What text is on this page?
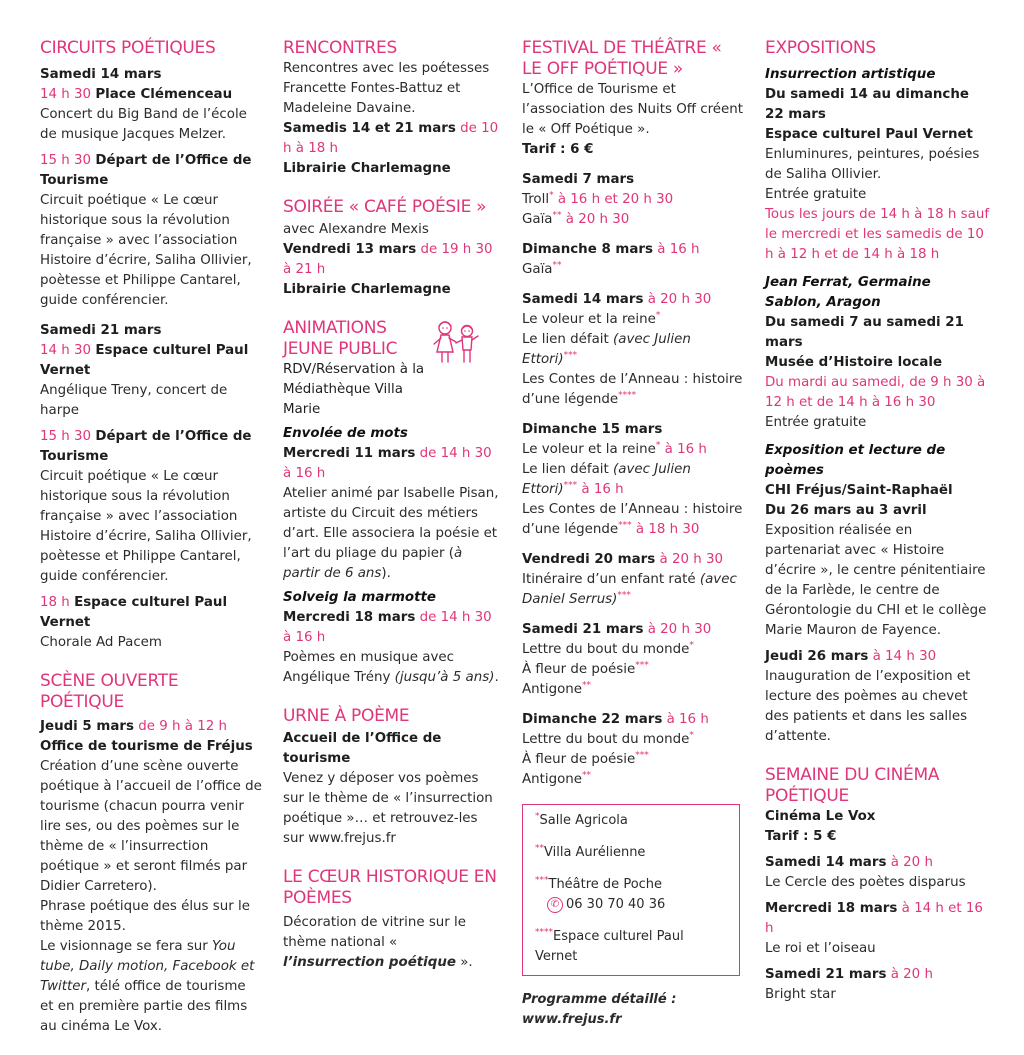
CIRCUITS POÉTIQUES
Samedi 14 mars
14 h 30 Place Clémenceau
Concert du Big Band de l’école de musique Jacques Melzer.
15 h 30 Départ de l’Office de Tourisme
Circuit poétique « Le cœur historique sous la révolution française » avec l’association Histoire d’écrire, Saliha Ollivier, poètesse et Philippe Cantarel, guide conférencier.
Samedi 21 mars
14 h 30 Espace culturel Paul Vernet
Angélique Treny, concert de harpe
15 h 30 Départ de l’Office de Tourisme
Circuit poétique « Le cœur historique sous la révolution française » avec l’association Histoire d’écrire, Saliha Ollivier, poètesse et Philippe Cantarel, guide conférencier.
18 h Espace culturel Paul Vernet
Chorale Ad Pacem
SCÈNE OUVERTE POÉTIQUE
Jeudi 5 mars de 9 h à 12 h
Office de tourisme de Fréjus
Création d’une scène ouverte poétique à l’accueil de l’office de tourisme (chacun pourra venir lire ses, ou des poèmes sur le thème de « l’insurrection poétique » et seront filmés par Didier Carretero).
Phrase poétique des élus sur le thème 2015.
Le visionnage se fera sur You tube, Daily motion, Facebook et Twitter, télé office de tourisme et en première partie des films au cinéma Le Vox.
RENCONTRES
Rencontres avec les poétesses Francette Fontes-Battuz et Madeleine Davaine.
Samedis 14 et 21 mars de 10 h à 18 h
Librairie Charlemagne
SOIRÉE « CAFÉ POÉSIE »
avec Alexandre Mexis
Vendredi 13 mars de 19 h 30 à 21 h
Librairie Charlemagne
ANIMATIONS JEUNE PUBLIC
RDV/Réservation à la Médiathèque Villa Marie
Envolée de mots
Mercredi 11 mars de 14 h 30 à 16 h
Atelier animé par Isabelle Pisan, artiste du Circuit des métiers d’art. Elle associera la poésie et l’art du pliage du papier (à partir de 6 ans).
Solveig la marmotte
Mercredi 18 mars de 14 h 30 à 16 h
Poèmes en musique avec Angélique Trény (jusqu’à 5 ans).
URNE À POÈME
Accueil de l’Office de tourisme
Venez y déposer vos poèmes sur le thème de « l’insurrection poétique »… et retrouvez-les sur www.frejus.fr
LE CŒUR HISTORIQUE EN POÈMES
Décoration de vitrine sur le thème national « l’insurrection poétique ».
FESTIVAL DE THÉÂTRE « LE OFF POÉTIQUE »
L’Office de Tourisme et l’association des Nuits Off créent le « Off Poétique ».
Tarif : 6 €
Samedi 7 mars
Troll* à 16 h et 20 h 30
Gaïa** à 20 h 30
Dimanche 8 mars à 16 h
Gaïa**
Samedi 14 mars à 20 h 30
Le voleur et la reine*
Le lien défait (avec Julien Ettori)***
Les Contes de l’Anneau : histoire d’une légende****
Dimanche 15 mars
Le voleur et la reine* à 16 h
Le lien défait (avec Julien Ettori)*** à 16 h
Les Contes de l’Anneau : histoire d’une légende*** à 18 h 30
Vendredi 20 mars à 20 h 30
Itinéraire d’un enfant raté (avec Daniel Serrus)***
Samedi 21 mars à 20 h 30
Lettre du bout du monde*
À fleur de poésie***
Antigone**
Dimanche 22 mars à 16 h
Lettre du bout du monde*
À fleur de poésie***
Antigone**
*Salle Agricola
**Villa Aurélienne
***Théâtre de Poche
✆ 06 30 70 40 36
****Espace culturel Paul Vernet
Programme détaillé : www.frejus.fr
EXPOSITIONS
Insurrection artistique
Du samedi 14 au dimanche 22 mars
Espace culturel Paul Vernet
Enluminures, peintures, poésies de Saliha Ollivier.
Entrée gratuite
Tous les jours de 14 h à 18 h sauf le mercredi et les samedis de 10 h à 12 h et de 14 h à 18 h
Jean Ferrat, Germaine Sablon, Aragon
Du samedi 7 au samedi 21 mars
Musée d’Histoire locale
Du mardi au samedi, de 9 h 30 à 12 h et de 14 h à 16 h 30
Entrée gratuite
Exposition et lecture de poèmes
CHI Fréjus/Saint-Raphaël
Du 26 mars au 3 avril
Exposition réalisée en partenariat avec « Histoire d’écrire », le centre pénitentiaire de la Farlède, le centre de Gérontologie du CHI et le collège Marie Mauron de Fayence.
Jeudi 26 mars à 14 h 30
Inauguration de l’exposition et lecture des poèmes au chevet des patients et dans les salles d’attente.
SEMAINE DU CINÉMA POÉTIQUE
Cinéma Le Vox
Tarif : 5 €
Samedi 14 mars à 20 h
Le Cercle des poètes disparus
Mercredi 18 mars à 14 h et 16 h
Le roi et l’oiseau
Samedi 21 mars à 20 h
Bright star
